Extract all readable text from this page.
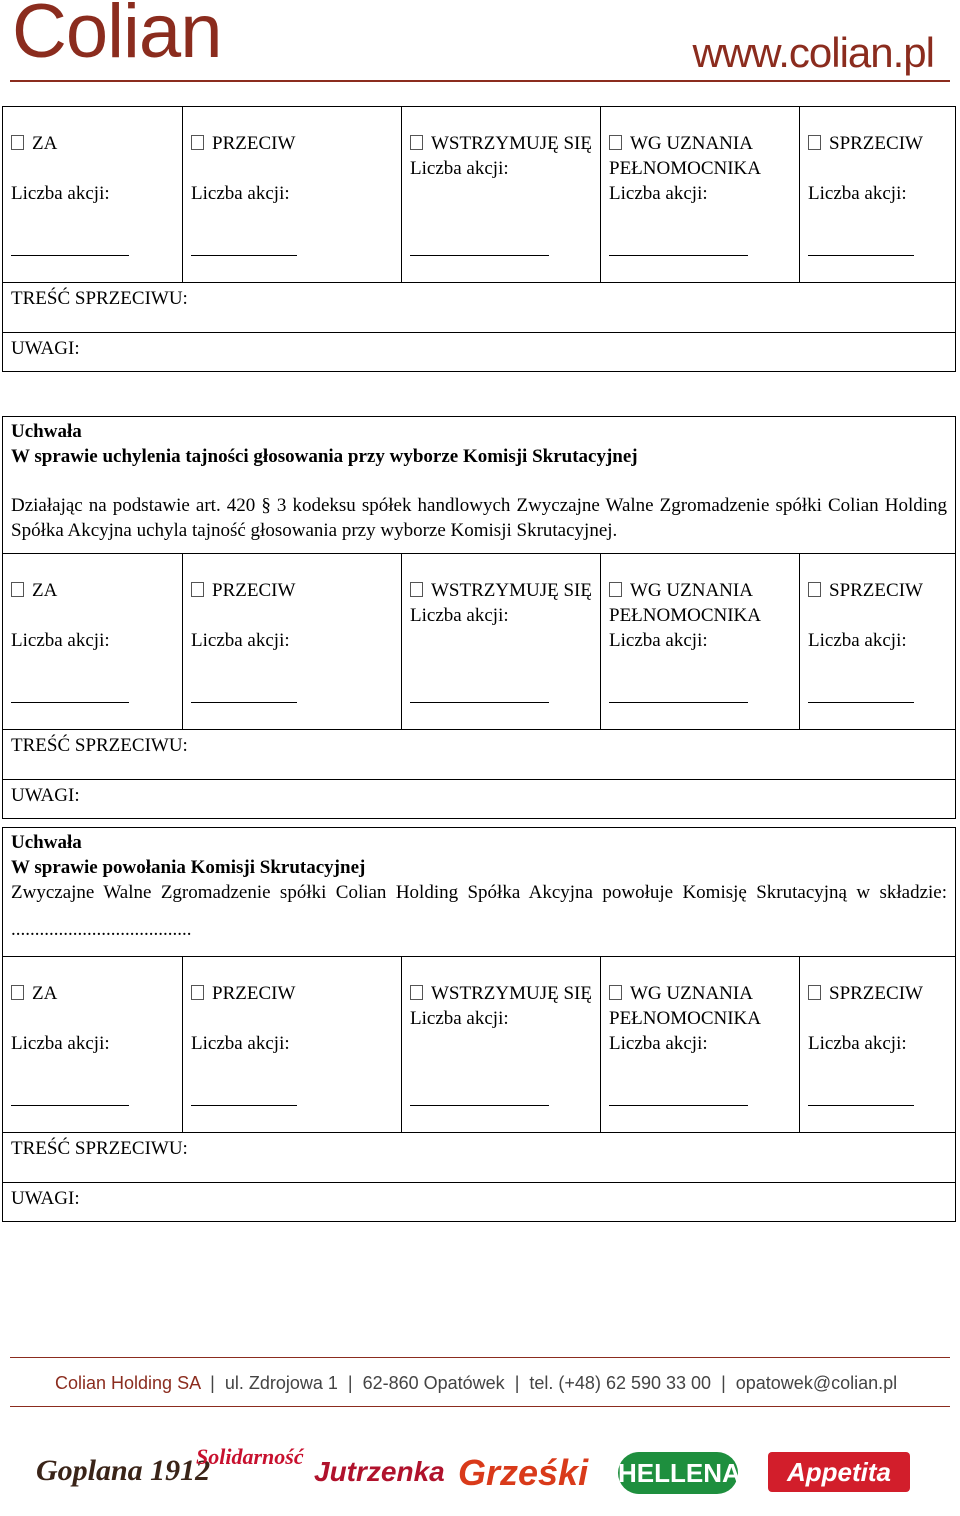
Colian	www.colian.pl
ZA
Liczba akcji:
PRZECIW
Liczba akcji:
WSTRZYMUJĘ SIĘ
Liczba akcji:
WG UZNANIA PEŁNOMOCNIKA
Liczba akcji:
SPRZECIW
Liczba akcji:
TREŚĆ SPRZECIWU:
UWAGI:
Uchwała
W sprawie uchylenia tajności głosowania przy wyborze Komisji Skrutacyjnej
Działając na podstawie art. 420 § 3 kodeksu spółek handlowych Zwyczajne Walne Zgromadzenie spółki Colian Holding Spółka Akcyjna uchyla tajność głosowania przy wyborze Komisji Skrutacyjnej.
ZA
Liczba akcji:
PRZECIW
Liczba akcji:
WSTRZYMUJĘ SIĘ
Liczba akcji:
WG UZNANIA PEŁNOMOCNIKA
Liczba akcji:
SPRZECIW
Liczba akcji:
TREŚĆ SPRZECIWU:
UWAGI:
Uchwała
W sprawie powołania Komisji Skrutacyjnej
Zwyczajne Walne Zgromadzenie spółki Colian Holding Spółka Akcyjna powołuje Komisję Skrutacyjną w składzie: ......................................
ZA
Liczba akcji:
PRZECIW
Liczba akcji:
WSTRZYMUJĘ SIĘ
Liczba akcji:
WG UZNANIA PEŁNOMOCNIKA
Liczba akcji:
SPRZECIW
Liczba akcji:
TREŚĆ SPRZECIWU:
UWAGI:
Colian Holding SA | ul. Zdrojowa 1 | 62-860 Opatówek | tel. (+48) 62 590 33 00 | opatowek@colian.pl
Goplana 1912
Solidarność Jutrzenka Grześki HELLENA	Appetita
